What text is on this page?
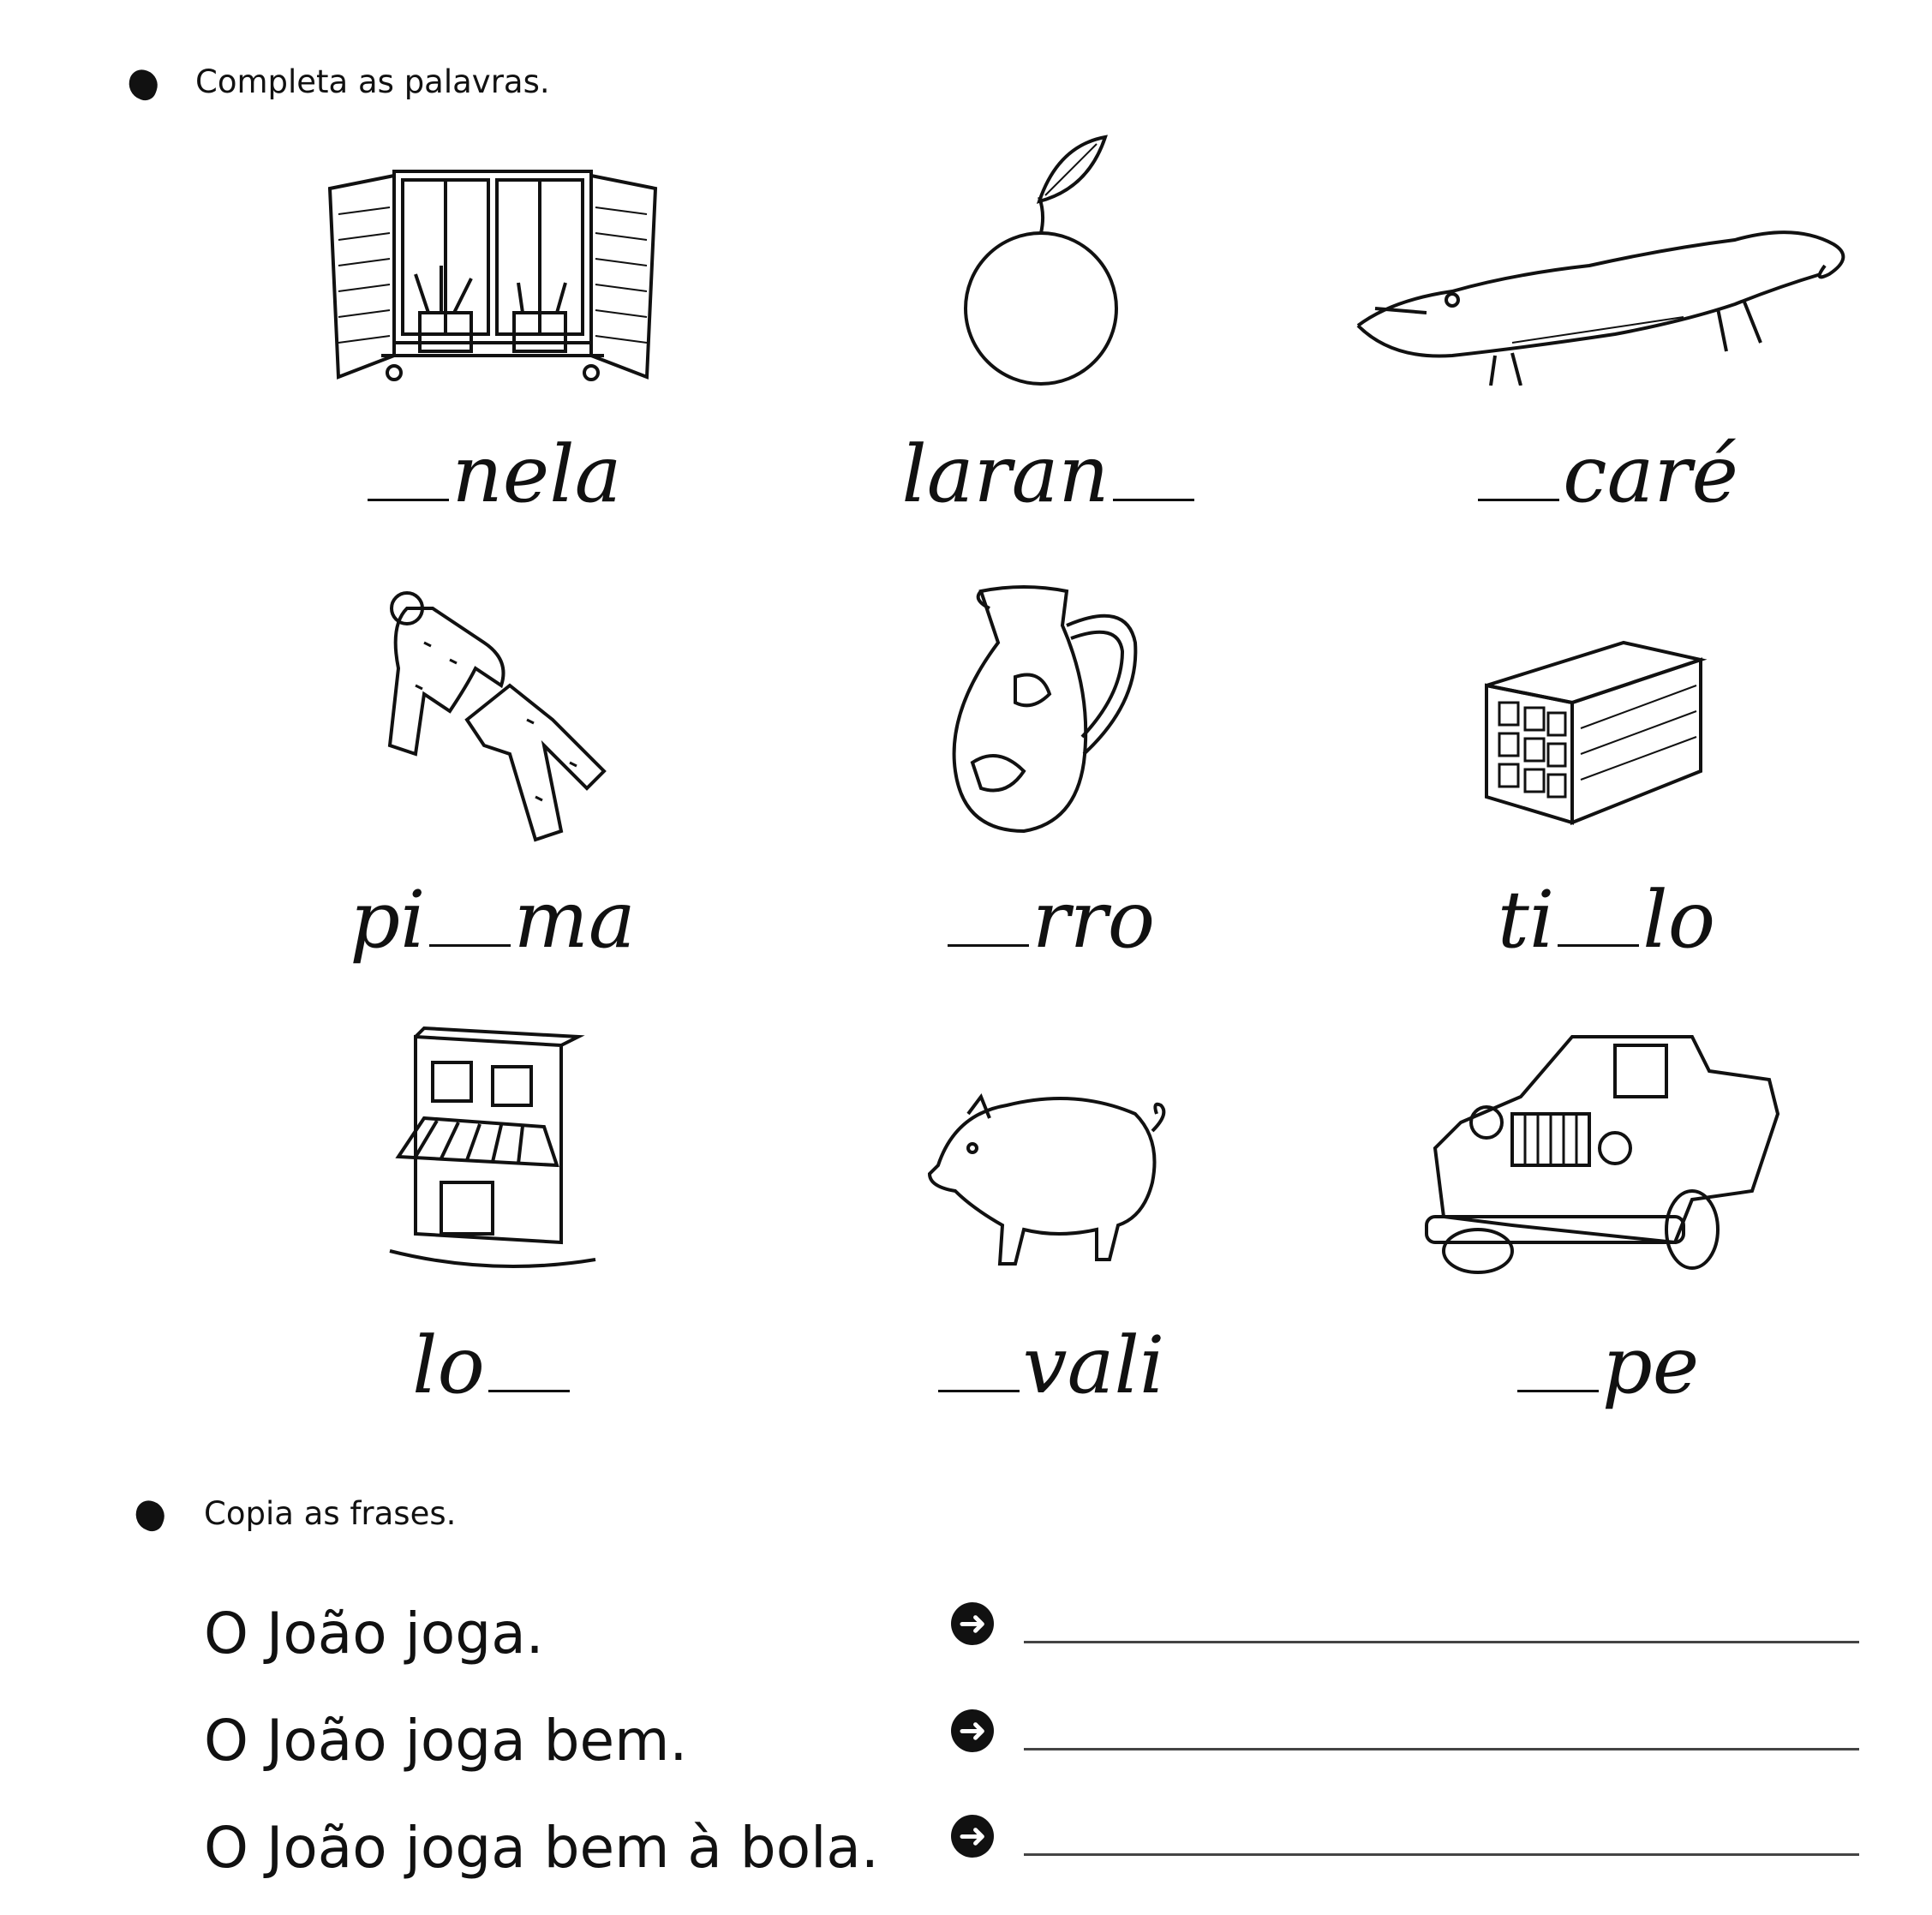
Completa as palavras.
nela	laran	caré
pi ma	rro	ti lo
lo	vali	pe
Copia as frases.
O João joga.	➜
O João joga bem.	➜
O João joga bem à bola. ➜
